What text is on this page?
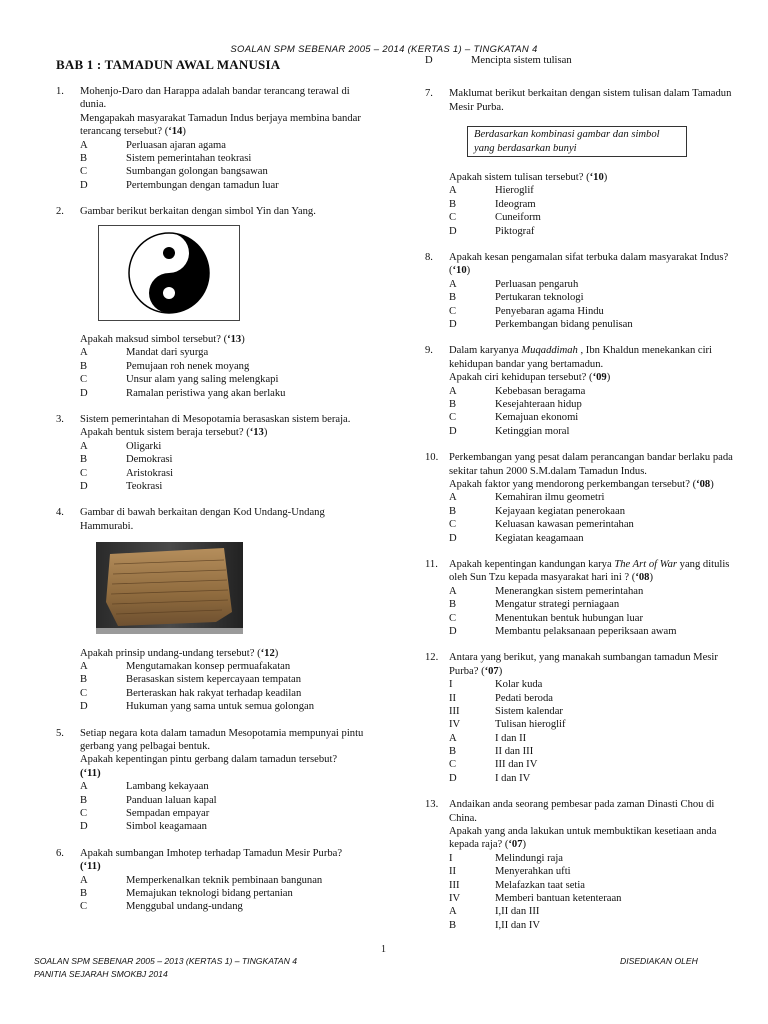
SOALAN SPM SEBENAR 2005 – 2014 (KERTAS 1) – TINGKATAN 4
BAB 1 : TAMADUN AWAL MANUSIA
1. Mohenjo-Daro dan Harappa adalah bandar terancang terawal di dunia.

Mengapakah masyarakat Tamadun Indus berjaya membina bandar terancang tersebut? (‘14)

A	Perluasan ajaran agama
B	Sistem pemerintahan teokrasi
C	Sumbangan golongan bangsawan
D	Pertembungan dengan tamadun luar
2. Gambar berikut berkaitan dengan simbol Yin dan Yang.

Apakah maksud simbol tersebut? (‘13)

A	Mandat dari syurga
B	Pemujaan roh nenek moyang
C	Unsur alam yang saling melengkapi
D	Ramalan peristiwa yang akan berlaku
3. Sistem pemerintahan di Mesopotamia berasaskan sistem beraja.

Apakah bentuk sistem beraja tersebut? (‘13)

A	Oligarki
B	Demokrasi
C	Aristokrasi
D	Teokrasi
4. Gambar di bawah berkaitan dengan Kod Undang-Undang Hammurabi.

Apakah prinsip undang-undang tersebut? (‘12)

A	Mengutamakan konsep permuafakatan
B	Berasaskan sistem kepercayaan tempatan
C	Berteraskan hak rakyat terhadap keadilan
D	Hukuman yang sama untuk semua golongan
5. Setiap negara kota dalam tamadun Mesopotamia mempunyai pintu gerbang yang pelbagai bentuk.

Apakah kepentingan pintu gerbang dalam tamadun tersebut?

(‘11)

A	Lambang kekayaan
B	Panduan laluan kapal
C	Sempadan empayar
D	Simbol keagamaan
6. Apakah sumbangan Imhotep terhadap Tamadun Mesir Purba?

(‘11)

A	Memperkenalkan teknik pembinaan bangunan
B	Memajukan teknologi bidang pertanian
C	Menggubal undang-undang
D	Mencipta sistem tulisan
7. Maklumat berikut berkaitan dengan sistem tulisan dalam Tamadun Mesir Purba.

Berdasarkan kombinasi gambar dan simbol yang berdasarkan bunyi

Apakah sistem tulisan tersebut? (‘10)

A	Hieroglif
B	Ideogram
C	Cuneiform
D	Piktograf
8. Apakah kesan pengamalan sifat terbuka dalam masyarakat Indus? (‘10)

A	Perluasan pengaruh
B	Pertukaran teknologi
C	Penyebaran agama Hindu
D	Perkembangan bidang penulisan
9. Dalam karyanya Muqaddimah , Ibn Khaldun menekankan ciri kehidupan bandar yang bertamadun.

Apakah ciri kehidupan tersebut? (‘09)

A	Kebebasan beragama
B	Kesejahteraan hidup
C	Kemajuan ekonomi
D	Ketinggian moral
10. Perkembangan yang pesat dalam perancangan bandar berlaku pada sekitar tahun 2000 S.M.dalam Tamadun Indus.

Apakah faktor yang mendorong perkembangan tersebut? (‘08)

A	Kemahiran ilmu geometri
B	Kejayaan kegiatan penerokaan
C	Keluasan kawasan pemerintahan
D	Kegiatan keagamaan
11. Apakah kepentingan kandungan karya The Art of War yang ditulis oleh Sun Tzu kepada masyarakat hari ini ? (‘08)

A	Menerangkan sistem pemerintahan
B	Mengatur strategi perniagaan
C	Menentukan bentuk hubungan luar
D	Membantu pelaksanaan peperiksaan awam
12. Antara yang berikut, yang manakah sumbangan tamadun Mesir Purba? (‘07)

I	Kolar kuda
II	Pedati beroda
III	Sistem kalendar
IV	Tulisan hieroglif
A	I dan II
B	II dan III
C	III dan IV
D	I dan IV
13. Andaikan anda seorang pembesar pada zaman Dinasti Chou di China.

Apakah yang anda lakukan untuk membuktikan kesetiaan anda kepada raja? (‘07)

I	Melindungi raja
II	Menyerahkan ufti
III	Melafazkan taat setia
IV	Memberi bantuan ketenteraan
A	I,II dan III
B	I,II dan IV
1
SOALAN SPM SEBENAR 2005 – 2013 (KERTAS 1) – TINGKATAN 4
PANITIA SEJARAH SMOKBJ 2014
DISEDIAKAN OLEH
